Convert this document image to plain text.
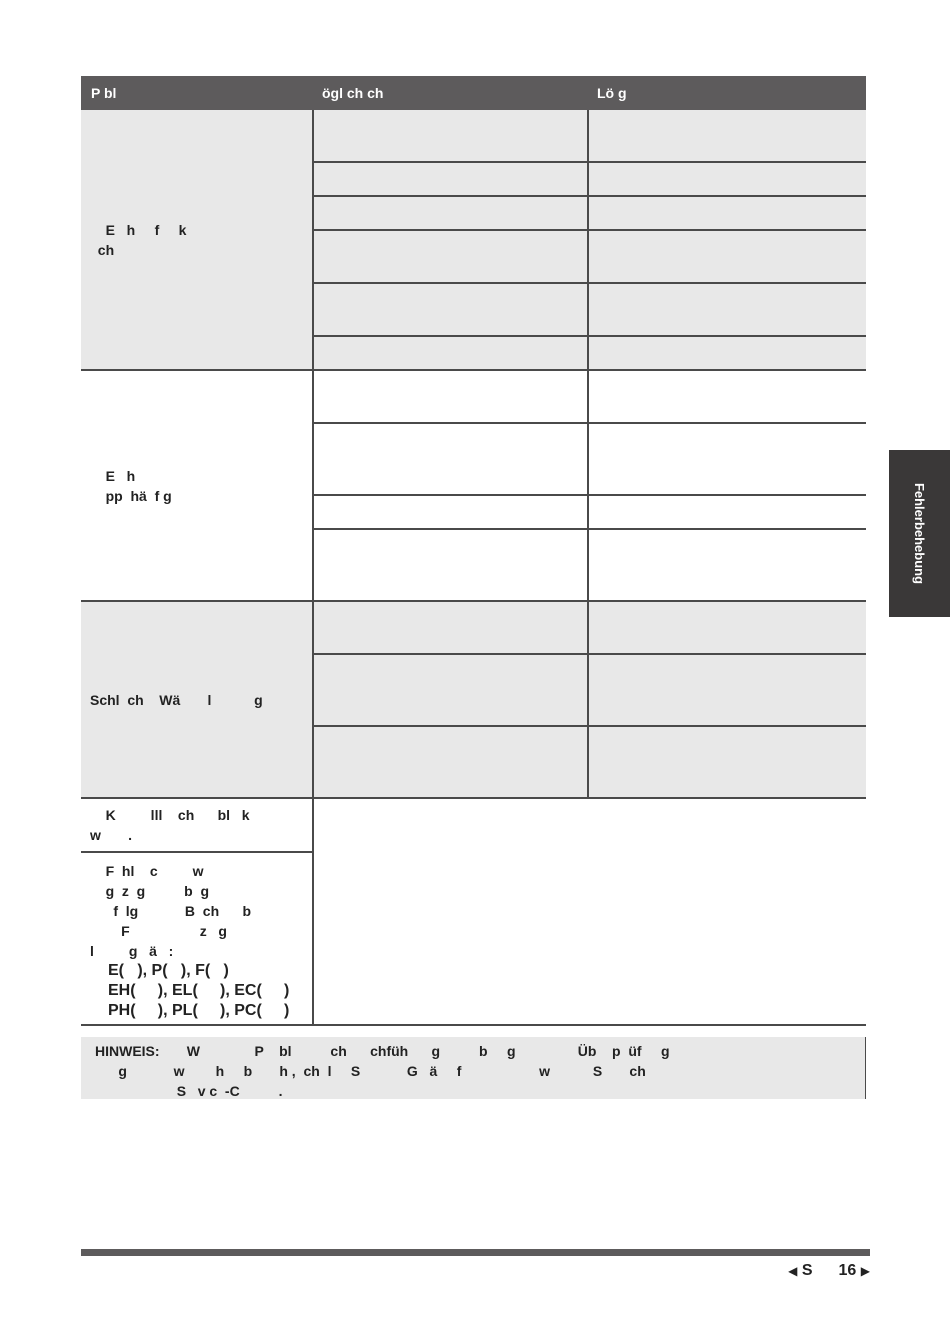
P bl	ögl ch ch	Lö g
E   h     f     k
ch
E   h
pp  hä  f g
Schl  ch    Wä       l           g
K         lll    ch      bl   k
w       .
F  hl    c         w
g  z  g          b  g
f  lg            B  ch      b
F                  z   g
l         g   ä   :
E(   ), P(   ), F(   )
EH(     ), EL(     ), EC(     )
PH(     ), PL(     ), PC(     )
HINWEIS:       W              P    bl          ch      chfüh      g          b     g                Üb    p  üf     g
g            w        h     b       h ,  ch  l     S            G   ä     f                    w           S       ch
S   v c  -C          .
Fehlerbehebung
◀ S 16 ▶
